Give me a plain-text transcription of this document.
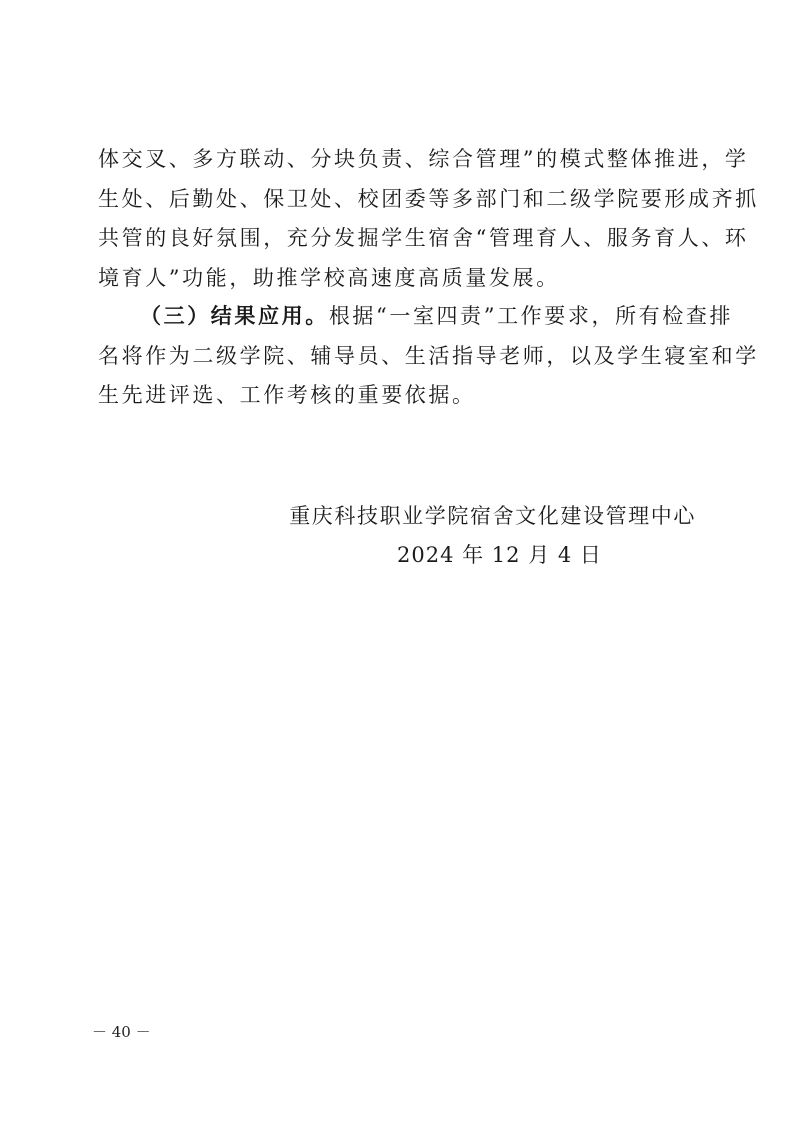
体交叉、多方联动、分块负责、综合管理”的模式整体推进，学
生处、后勤处、保卫处、校团委等多部门和二级学院要形成齐抓
共管的良好氛围，充分发掘学生宿舍“管理育人、服务育人、环
境育人”功能，助推学校高速度高质量发展。
（三）结果应用。根据“一室四责”工作要求，所有检查排
名将作为二级学院、辅导员、生活指导老师，以及学生寝室和学
生先进评选、工作考核的重要依据。
重庆科技职业学院宿舍文化建设管理中心
2024 年 12 月 4 日
－ 40 －
